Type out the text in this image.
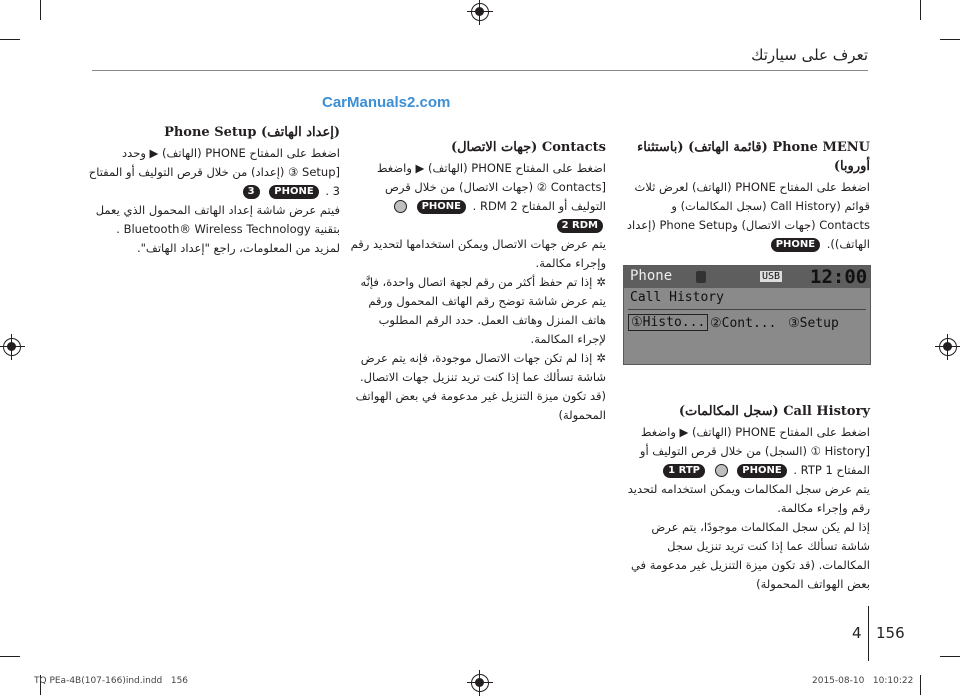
تعرف على سيارتك
CarManuals2.com
(إعداد الهاتف) Phone Setup

اضغط على المفتاح PHONE (الهاتف) ▶ وحدد [Setup ③ (إعداد) من خلال قرص التوليف أو المفتاح 3 . PHONE 3

فيتم عرض شاشة إعداد الهاتف المحمول الذي يعمل بتقنية Bluetooth® Wireless Technology . لمزيد من المعلومات، راجع "إعداد الهاتف".

Contacts (جهات الاتصال)

اضغط على المفتاح PHONE (الهاتف) ▶ واضغط [Contacts ② (جهات الاتصال) من خلال قرص التوليف أو المفتاح 2 RDM . PHONE  2 RDM

يتم عرض جهات الاتصال ويمكن استخدامها لتحديد رقم وإجراء مكالمة.

✲إذا تم حفظ أكثر من رقم لجهة اتصال واحدة، فإنَّه يتم عرض شاشة توضح رقم الهاتف المحمول ورقم هاتف المنزل وهاتف العمل. حدد الرقم المطلوب لإجراء المكالمة.

✲إذا لم تكن جهات الاتصال موجودة، فإنه يتم عرض شاشة تسألك عما إذا كنت تريد تنزيل جهات الاتصال. (قد تكون ميزة التنزيل غير مدعومة في بعض الهواتف المحمولة)

Phone MENU (قائمة الهاتف) (باستثناء أوروبا)

اضغط على المفتاح PHONE (الهاتف) لعرض ثلاث قوائم (Call History (سجل المكالمات) و Contacts (جهات الاتصال) وPhone Setup (إعداد الهاتف)). PHONE

Phone	USB 12:00
Call History
①Histo... ②Cont... ③Setup
Call History (سجل المكالمات)

اضغط على المفتاح PHONE (الهاتف) ▶ واضغط [History ① (السجل) من خلال قرص التوليف أو المفتاح 1 RTP . PHONE  1 RTP

يتم عرض سجل المكالمات ويمكن استخدامه لتحديد رقم وإجراء مكالمة.

إذا لم يكن سجل المكالمات موجودًا، يتم عرض شاشة تسألك عما إذا كنت تريد تنزيل سجل المكالمات. (قد تكون ميزة التنزيل غير مدعومة في بعض الهواتف المحمولة)

4 156
TQ PEa-4B(107-166)ind.indd   156	2015-08-10   10:10:22
